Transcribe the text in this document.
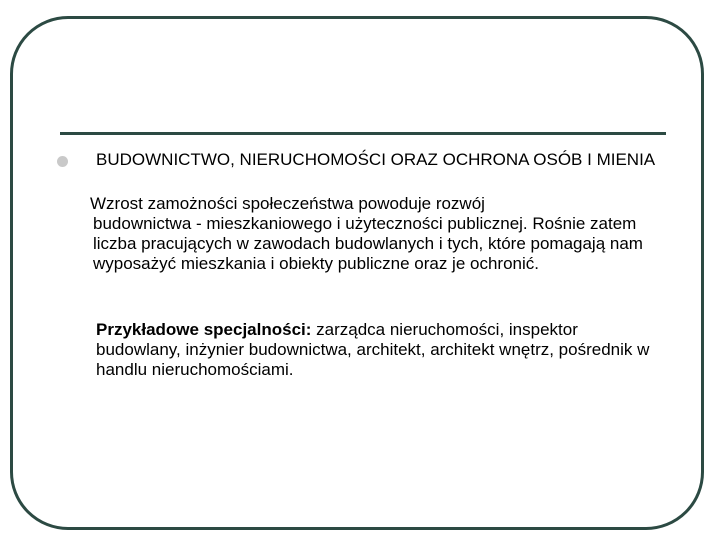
BUDOWNICTWO, NIERUCHOMOŚCI ORAZ OCHRONA OSÓB I MIENIA

Wzrost zamożności społeczeństwa powoduje rozwój
budownictwa - mieszkaniowego i użyteczności publicznej. Rośnie zatem liczba pracujących w zawodach budowlanych i tych, które pomagają nam wyposażyć mieszkania i obiekty publiczne oraz je ochronić.

Przykładowe specjalności: zarządca nieruchomości, inspektor budowlany, inżynier budownictwa, architekt, architekt wnętrz, pośrednik w handlu nieruchomościami.
